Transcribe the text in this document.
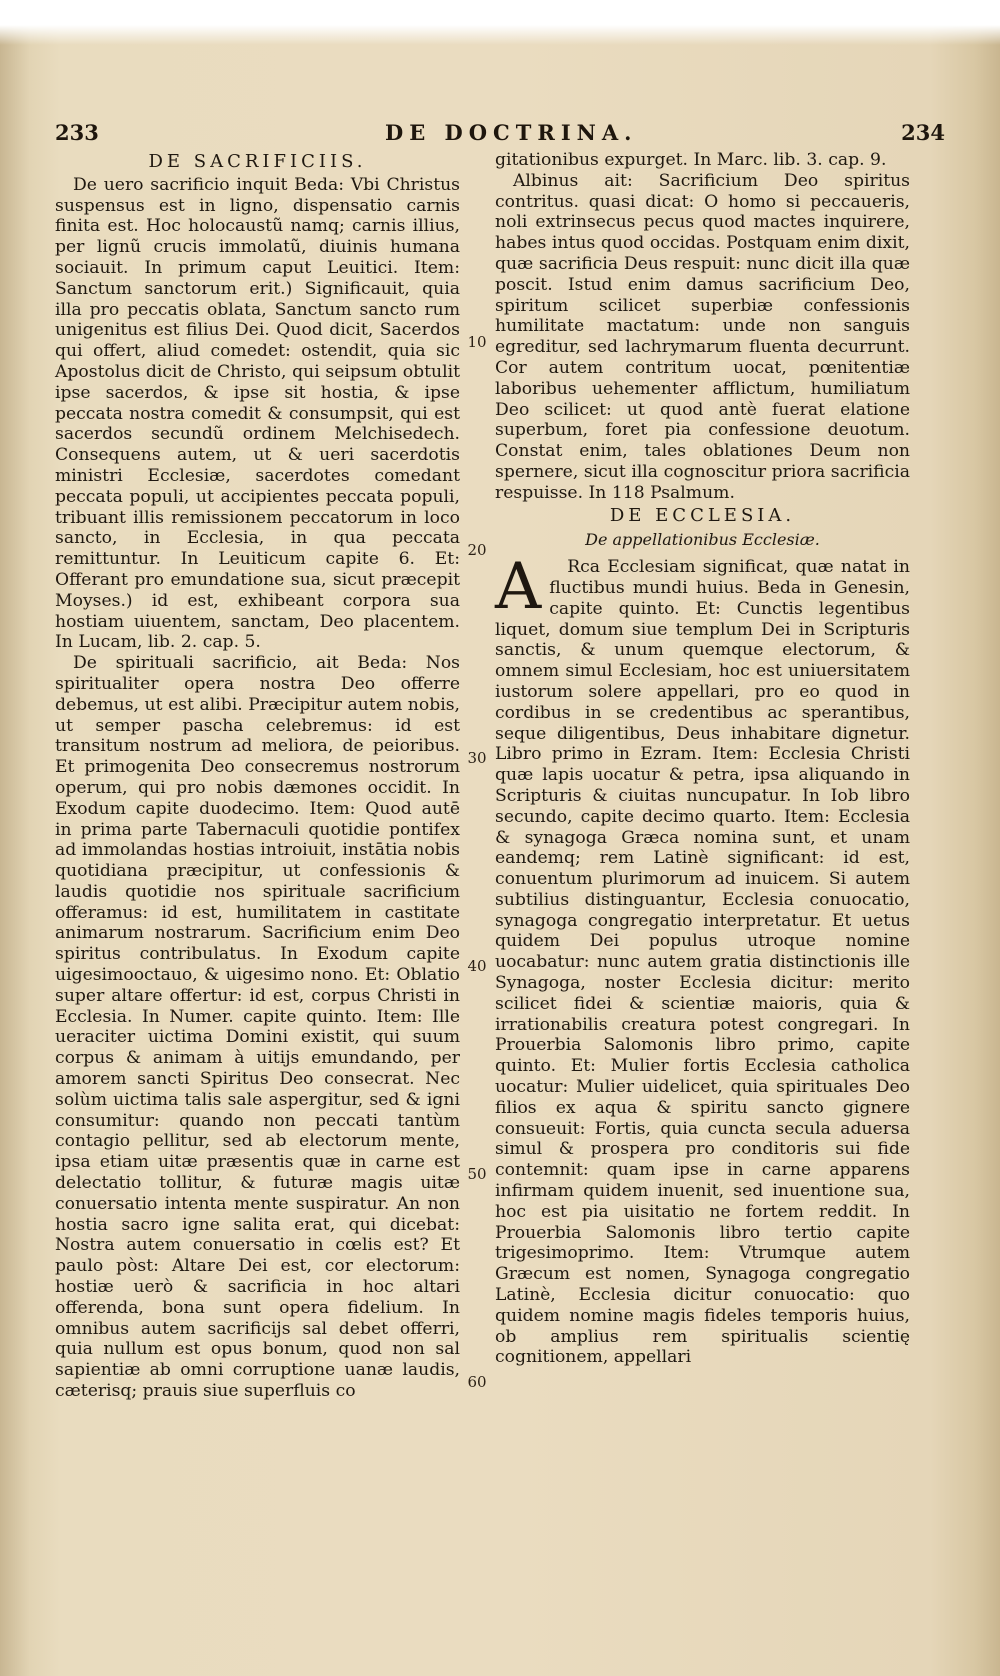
233	DE DOCTRINA.	234
DE SACRIFICIIS.

De uero sacrificio inquit Beda: Vbi Christus suspensus est in ligno, dispensatio carnis finita est. Hoc holocaustũ namq; carnis illius, per lignũ crucis immolatũ, diuinis humana sociauit. In primum caput Leuitici. Item: Sanctum sanctorum erit.) Significauit, quia illa pro peccatis oblata, Sanctum sancto rum unigenitus est filius Dei. Quod dicit, Sacerdos qui offert, aliud comedet: ostendit, quia sic Apostolus dicit de Christo, qui seipsum obtulit ipse sacerdos, & ipse sit hostia, & ipse peccata nostra comedit & consumpsit, qui est sacerdos secundũ ordinem Melchisedech. Consequens autem, ut & ueri sacerdotis ministri Ecclesiæ, sacerdotes comedant peccata populi, ut accipientes peccata populi, tribuant illis remissionem peccatorum in loco sancto, in Ecclesia, in qua peccata remittuntur. In Leuiticum capite 6. Et: Offerant pro emundatione sua, sicut præcepit Moyses.) id est, exhibeant corpora sua hostiam uiuentem, sanctam, Deo placentem. In Lucam, lib. 2. cap. 5.

De spirituali sacrificio, ait Beda: Nos spiritualiter opera nostra Deo offerre debemus, ut est alibi. Præcipitur autem nobis, ut semper pascha celebremus: id est transitum nostrum ad meliora, de peioribus. Et primogenita Deo consecremus nostrorum operum, qui pro nobis dæmones occidit. In Exodum capite duodecimo. Item: Quod autē in prima parte Tabernaculi quotidie pontifex ad immolandas hostias introiuit, instātia nobis quotidiana præcipitur, ut confessionis & laudis quotidie nos spirituale sacrificium offeramus: id est, humilitatem in castitate animarum nostrarum. Sacrificium enim Deo spiritus contribulatus. In Exodum capite uigesimooctauo, & uigesimo nono. Et: Oblatio super altare offertur: id est, corpus Christi in Ecclesia. In Numer. capite quinto. Item: Ille ueraciter uictima Domini existit, qui suum corpus & animam à uitijs emundando, per amorem sancti Spiritus Deo consecrat. Nec solùm uictima talis sale aspergitur, sed & igni consumitur: quando non peccati tantùm contagio pellitur, sed ab electorum mente, ipsa etiam uitæ præsentis quæ in carne est delectatio tollitur, & futuræ magis uitæ conuersatio intenta mente suspiratur. An non hostia sacro igne salita erat, qui dicebat: Nostra autem conuersatio in cœlis est? Et paulo pòst: Altare Dei est, cor electorum: hostiæ uerò & sacrificia in hoc altari offerenda, bona sunt opera fidelium. In omnibus autem sacrificijs sal debet offerri, quia nullum est opus bonum, quod non sal sapientiæ ab omni corruptione uanæ laudis, cæterisq; prauis siue superfluis co

10
20
30
40
50
60

gitationibus expurget. In Marc. lib. 3. cap. 9.

Albinus ait: Sacrificium Deo spiritus contritus. quasi dicat: O homo si peccaueris, noli extrinsecus pecus quod mactes inquirere, habes intus quod occidas. Postquam enim dixit, quæ sacrificia Deus respuit: nunc dicit illa quæ poscit. Istud enim damus sacrificium Deo, spiritum scilicet superbiæ confessionis humilitate mactatum: unde non sanguis egreditur, sed lachrymarum fluenta decurrunt. Cor autem contritum uocat, pœnitentiæ laboribus uehementer afflictum, humiliatum Deo scilicet: ut quod antè fuerat elatione superbum, foret pia confessione deuotum. Constat enim, tales oblationes Deum non spernere, sicut illa cognoscitur priora sacrificia respuisse. In 118 Psalmum.

DE ECCLESIA.
De appellationibus Ecclesiæ.

A Rca Ecclesiam significat, quæ natat in fluctibus mundi huius. Beda in Genesin, capite quinto. Et: Cunctis legentibus liquet, domum siue templum Dei in Scripturis sanctis, & unum quemque electorum, & omnem simul Ecclesiam, hoc est uniuersitatem iustorum solere appellari, pro eo quod in cordibus in se credentibus ac sperantibus, seque diligentibus, Deus inhabitare dignetur. Libro primo in Ezram. Item: Ecclesia Christi quæ lapis uocatur & petra, ipsa aliquando in Scripturis & ciuitas nuncupatur. In Iob libro secundo, capite decimo quarto. Item: Ecclesia & synagoga Græca nomina sunt, et unam eandemq; rem Latinè significant: id est, conuentum plurimorum ad inuicem. Si autem subtilius distinguantur, Ecclesia conuocatio, synagoga congregatio interpretatur. Et uetus quidem Dei populus utroque nomine uocabatur: nunc autem gratia distinctionis ille Synagoga, noster Ecclesia dicitur: merito scilicet fidei & scientiæ maioris, quia & irrationabilis creatura potest congregari. In Prouerbia Salomonis libro primo, capite quinto. Et: Mulier fortis Ecclesia catholica uocatur: Mulier uidelicet, quia spirituales Deo filios ex aqua & spiritu sancto gignere consueuit: Fortis, quia cuncta secula aduersa simul & prospera pro conditoris sui fide contemnit: quam ipse in carne apparens infirmam quidem inuenit, sed inuentione sua, hoc est pia uisitatio ne fortem reddit. In Prouerbia Salomonis libro tertio capite trigesimoprimo. Item: Vtrumque autem Græcum est nomen, Synagoga congregatio Latinè, Ecclesia dicitur conuocatio: quo quidem nomine magis fideles temporis huius, ob amplius rem spiritualis scientię cognitionem, appellari
